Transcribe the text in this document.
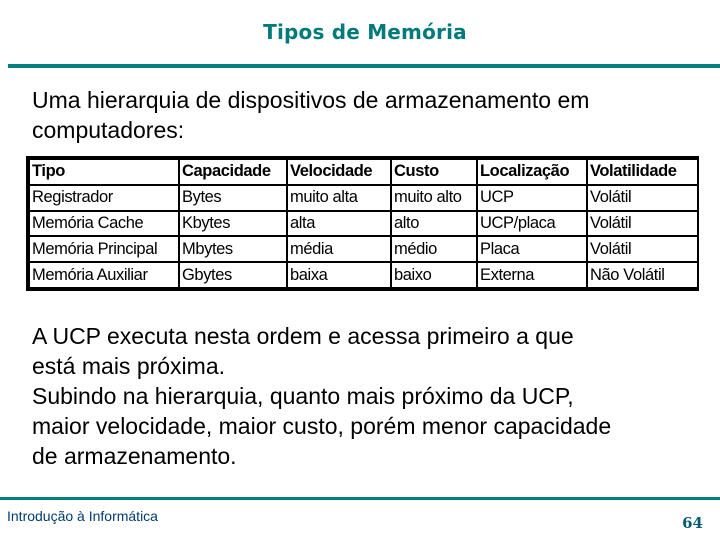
Tipos de Memória
Uma hierarquia de dispositivos de armazenamento em computadores:
Tipo	Capacidade	Velocidade	Custo	Localização	Volatilidade
Registrador	Bytes	muito alta	muito alto	UCP	Volátil
Memória Cache	Kbytes	alta	alto	UCP/placa	Volátil
Memória Principal	Mbytes	média	médio	Placa	Volátil
Memória Auxiliar	Gbytes	baixa	baixo	Externa	Não Volátil
A UCP executa nesta ordem e acessa primeiro a que
está mais próxima.
Subindo na hierarquia, quanto mais próximo da UCP,
maior velocidade, maior custo, porém menor capacidade
de armazenamento.
Introdução à Informática	64
